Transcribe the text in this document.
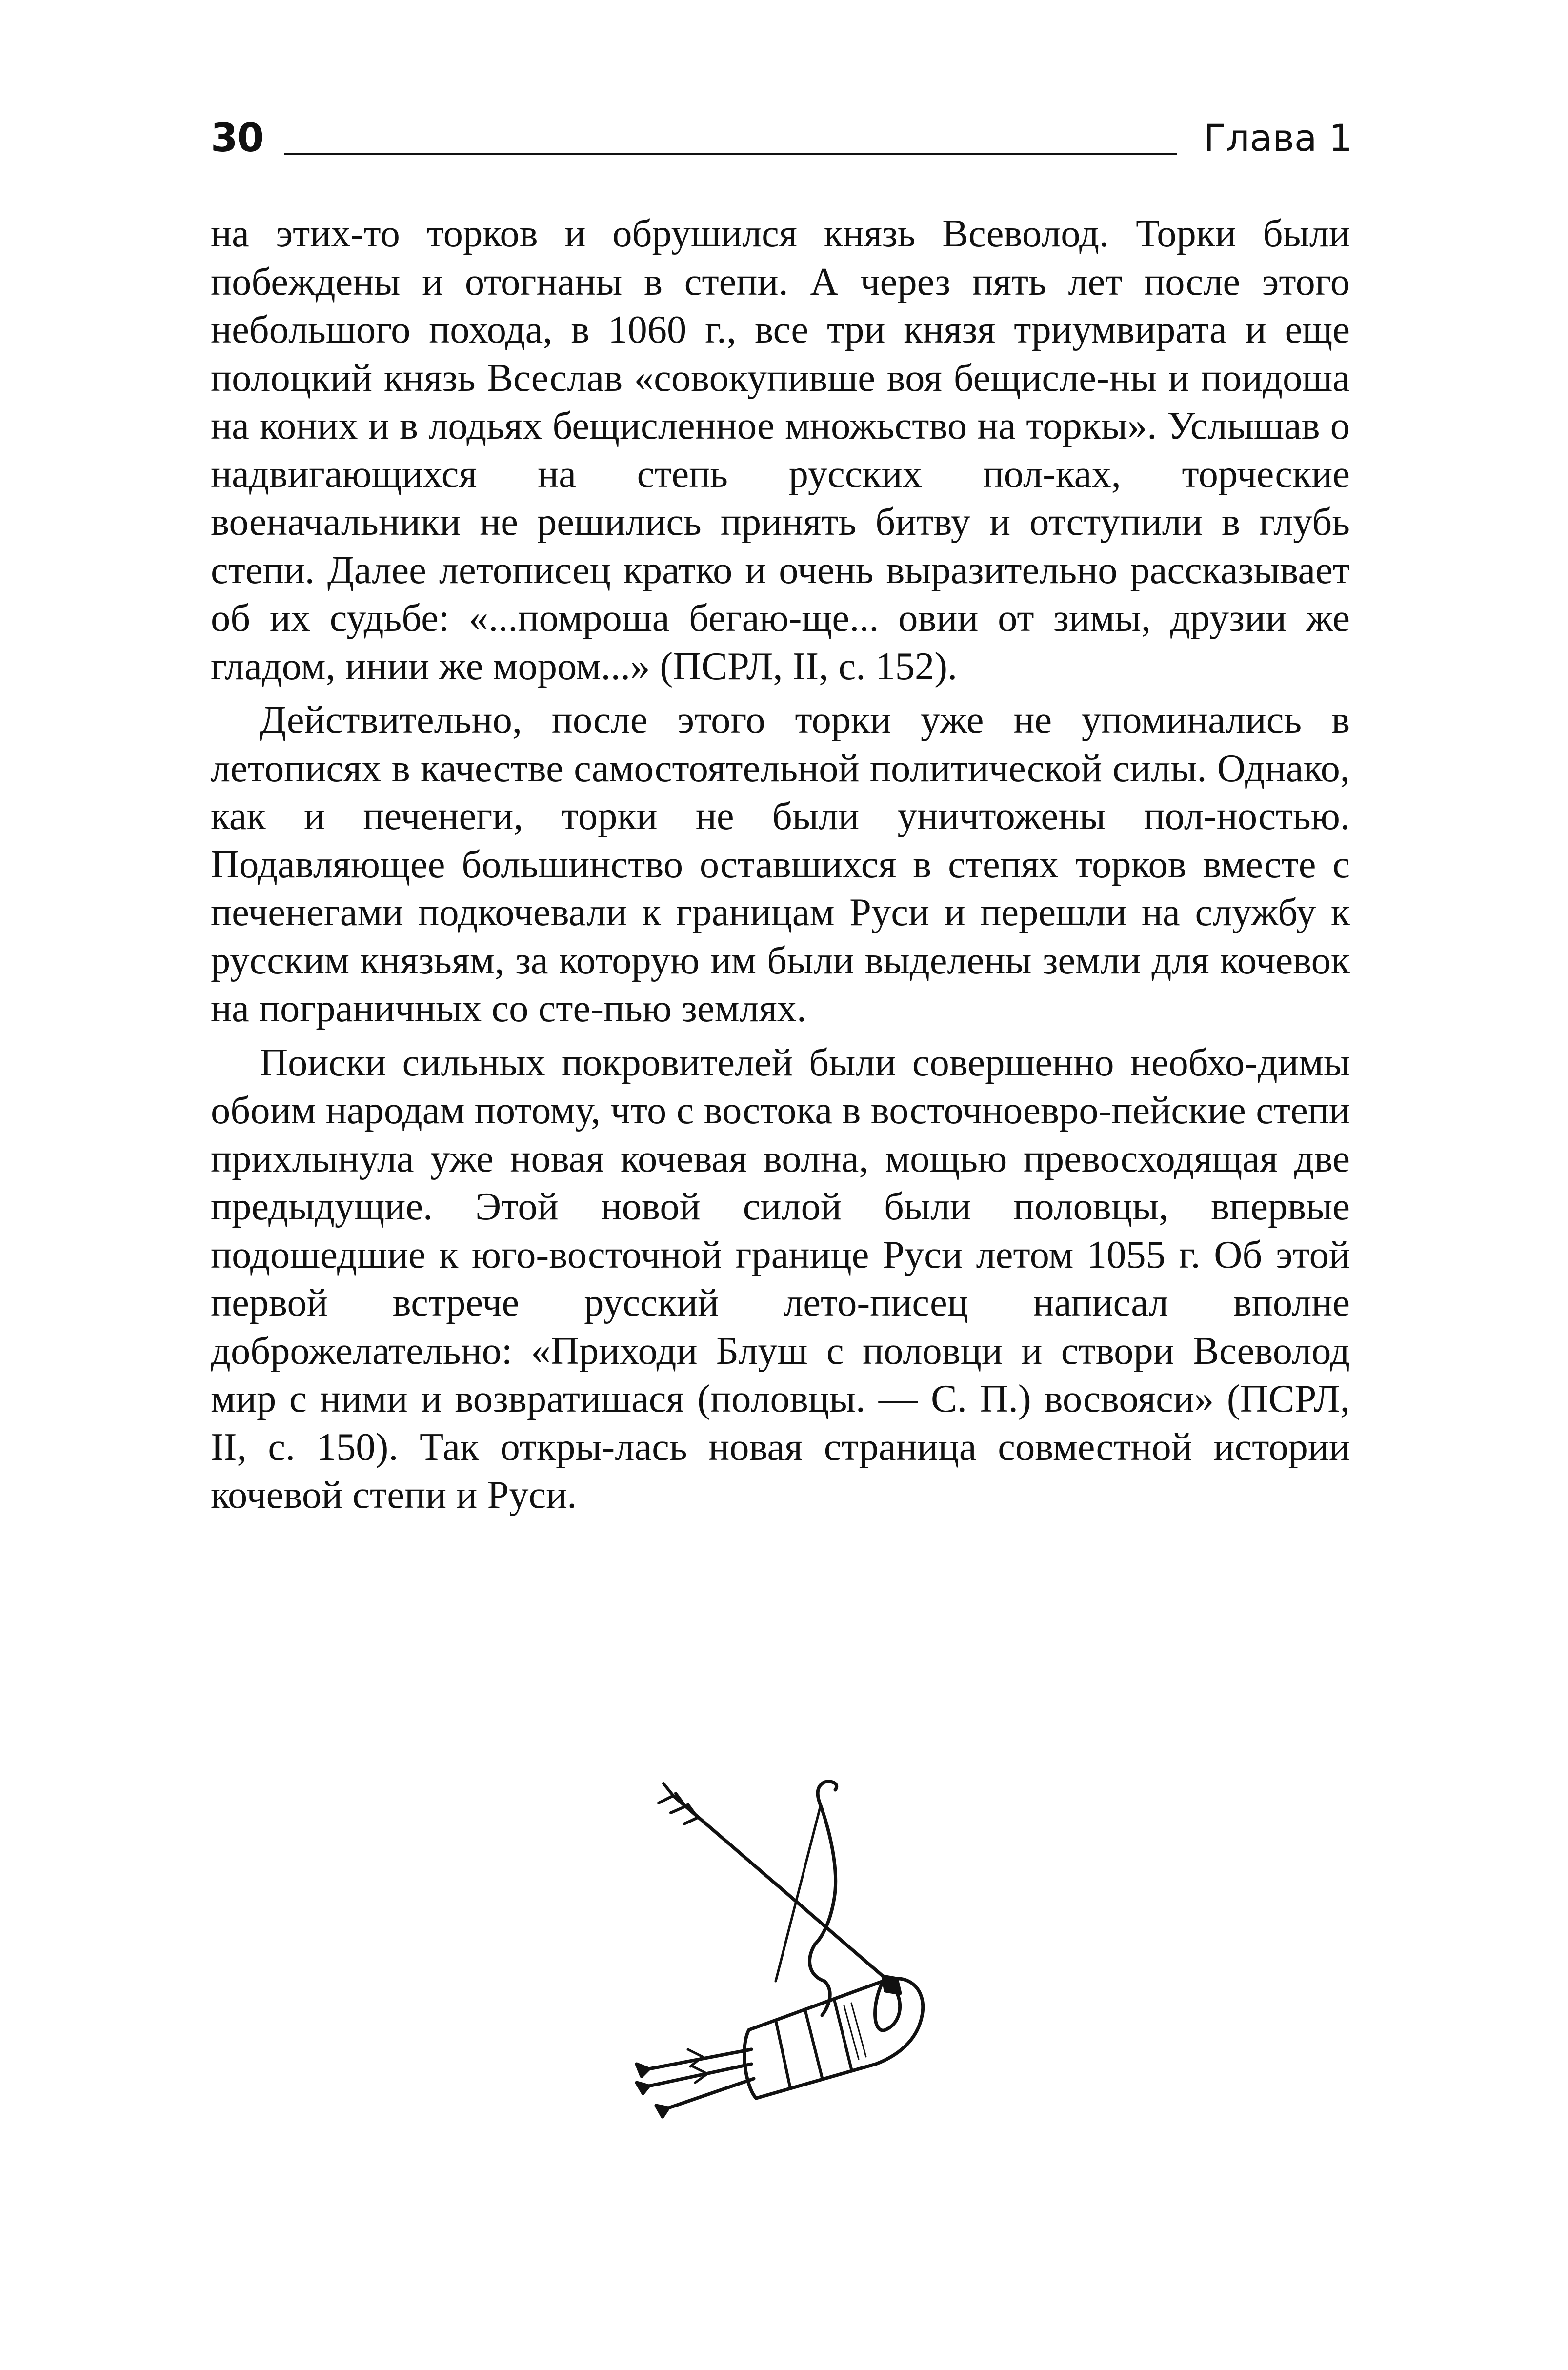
30	Глава 1

на этих-то торков и обрушился князь Всеволод. Торки были побеждены и отогнаны в степи. А через пять лет после этого небольшого похода, в 1060 г., все три князя триумвирата и еще полоцкий князь Всеслав «совокупивше воя бещисле-ны и поидоша на коних и в лодьях бещисленное множьство на торкы». Услышав о надвигающихся на степь русских пол-ках, торческие военачальники не решились принять битву и отступили в глубь степи. Далее летописец кратко и очень выразительно рассказывает об их судьбе: «...помроша бегаю-ще... овии от зимы, друзии же гладом, инии же мором...» (ПСРЛ, II, с. 152).

Действительно, после этого торки уже не упоминались в летописях в качестве самостоятельной политической силы. Однако, как и печенеги, торки не были уничтожены пол-ностью. Подавляющее большинство оставшихся в степях торков вместе с печенегами подкочевали к границам Руси и перешли на службу к русским князьям, за которую им были выделены земли для кочевок на пограничных со сте-пью землях.

Поиски сильных покровителей были совершенно необхо-димы обоим народам потому, что с востока в восточноевро-пейские степи прихлынула уже новая кочевая волна, мощью превосходящая две предыдущие. Этой новой силой были половцы, впервые подошедшие к юго-восточной границе Руси летом 1055 г. Об этой первой встрече русский лето-писец написал вполне доброжелательно: «Приходи Блуш с половци и створи Всеволод мир с ними и возвратишася (половцы. — С. П.) восвояси» (ПСРЛ, II, с. 150). Так откры-лась новая страница совместной истории кочевой степи и Руси.
